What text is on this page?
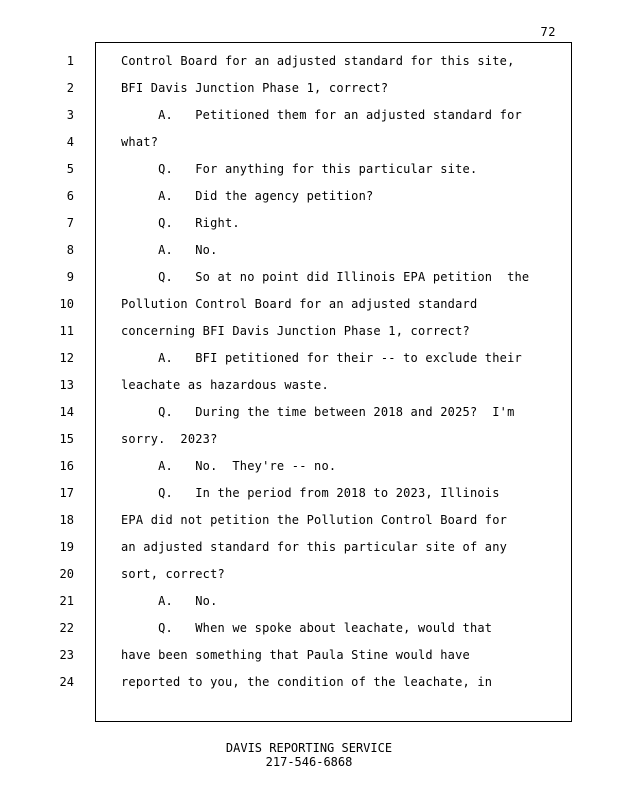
72
1	Control Board for an adjusted standard for this site,
2	BFI Davis Junction Phase 1, correct?
3	A.   Petitioned them for an adjusted standard for
4	what?
5	Q.   For anything for this particular site.
6	A.   Did the agency petition?
7	Q.   Right.
8	A.   No.
9	Q.   So at no point did Illinois EPA petition  the
10	Pollution Control Board for an adjusted standard
11	concerning BFI Davis Junction Phase 1, correct?
12	A.   BFI petitioned for their -- to exclude their
13	leachate as hazardous waste.
14	Q.   During the time between 2018 and 2025?  I'm
15	sorry.  2023?
16	A.   No.  They're -- no.
17	Q.   In the period from 2018 to 2023, Illinois
18	EPA did not petition the Pollution Control Board for
19	an adjusted standard for this particular site of any
20	sort, correct?
21	A.   No.
22	Q.   When we spoke about leachate, would that
23	have been something that Paula Stine would have
24	reported to you, the condition of the leachate, in
DAVIS REPORTING SERVICE
217-546-6868
